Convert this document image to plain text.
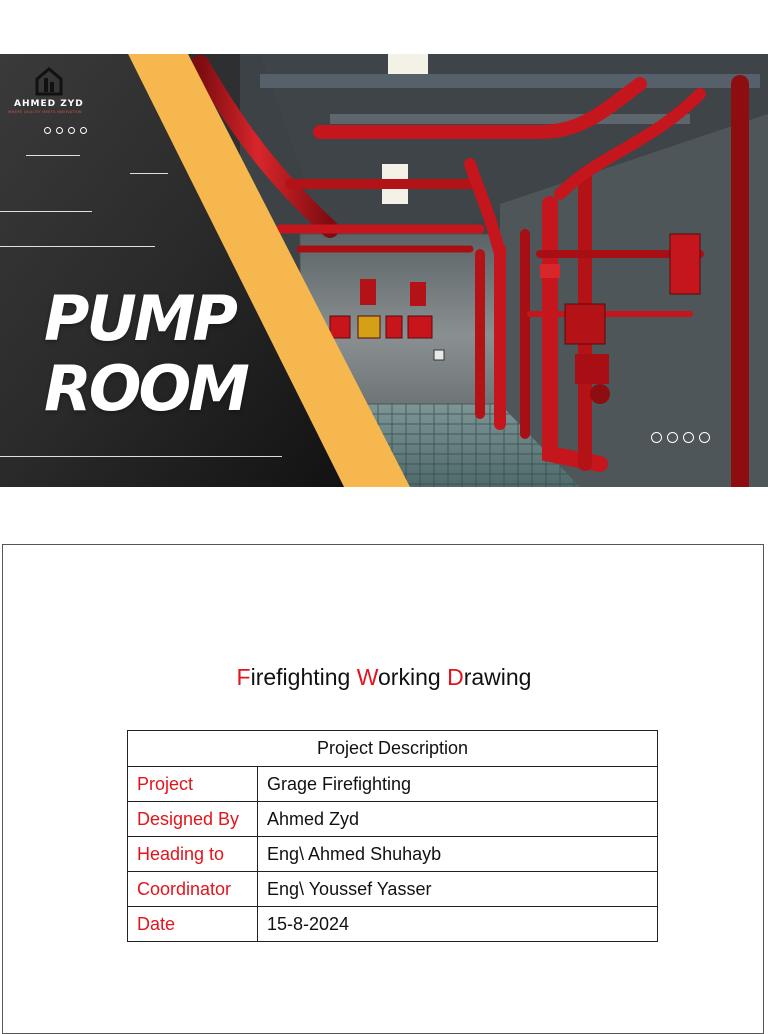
AHMED ZYD
WHERE QUALITY MEETS INNOVATION
PUMP
ROOM
Firefighting Working Drawing
Project Description	
Project	Grage Firefighting
Designed By	Ahmed Zyd
Heading to	Eng\ Ahmed Shuhayb
Coordinator	Eng\ Youssef Yasser
Date	15-8-2024
